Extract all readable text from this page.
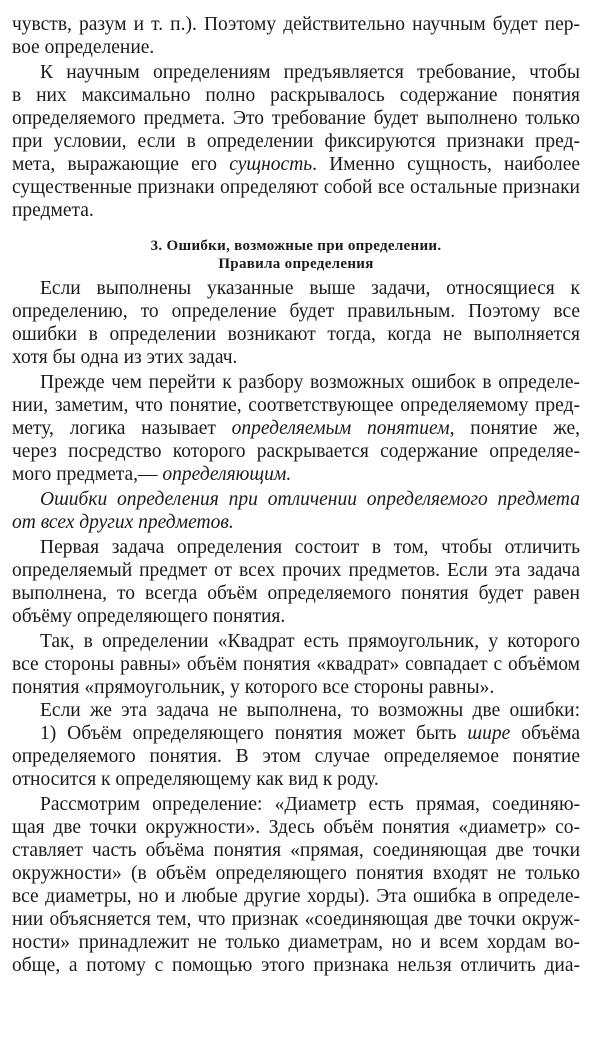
чувств, разум и т. п.). Поэтому действительно научным будет пер-
вое определение.
К научным определениям предъявляется требование, чтобы
в них максимально полно раскрывалось содержание понятия
определяемого предмета. Это требование будет выполнено только
при условии, если в определении фиксируются признаки пред-
мета, выражающие его сущность. Именно сущность, наиболее
существенные признаки определяют собой все остальные признаки
предмета.
3. Ошибки, возможные при определении.
Правила определения
Если выполнены указанные выше задачи, относящиеся к
определению, то определение будет правильным. Поэтому все
ошибки в определении возникают тогда, когда не выполняется
хотя бы одна из этих задач.
Прежде чем перейти к разбору возможных ошибок в определе-
нии, заметим, что понятие, соответствующее определяемому пред-
мету, логика называет определяемым понятием, понятие же,
через посредство которого раскрывается содержание определяе-
мого предмета,— определяющим.
Ошибки определения при отличении определяемого предмета
от всех других предметов.
Первая задача определения состоит в том, чтобы отличить
определяемый предмет от всех прочих предметов. Если эта задача
выполнена, то всегда объём определяемого понятия будет равен
объёму определяющего понятия.
Так, в определении «Квадрат есть прямоугольник, у которого
все стороны равны» объём понятия «квадрат» совпадает с объёмом
понятия «прямоугольник, у которого все стороны равны».
Если же эта задача не выполнена, то возможны две ошибки:
1) Объём определяющего понятия может быть шире объёма
определяемого понятия. В этом случае определяемое понятие
относится к определяющему как вид к роду.
Рассмотрим определение: «Диаметр есть прямая, соединяю-
щая две точки окружности». Здесь объём понятия «диаметр» со-
ставляет часть объёма понятия «прямая, соединяющая две точки
окружности» (в объём определяющего понятия входят не только
все диаметры, но и любые другие хорды). Эта ошибка в определе-
нии объясняется тем, что признак «соединяющая две точки окруж-
ности» принадлежит не только диаметрам, но и всем хордам во-
обще, а потому с помощью этого признака нельзя отличить диа-
